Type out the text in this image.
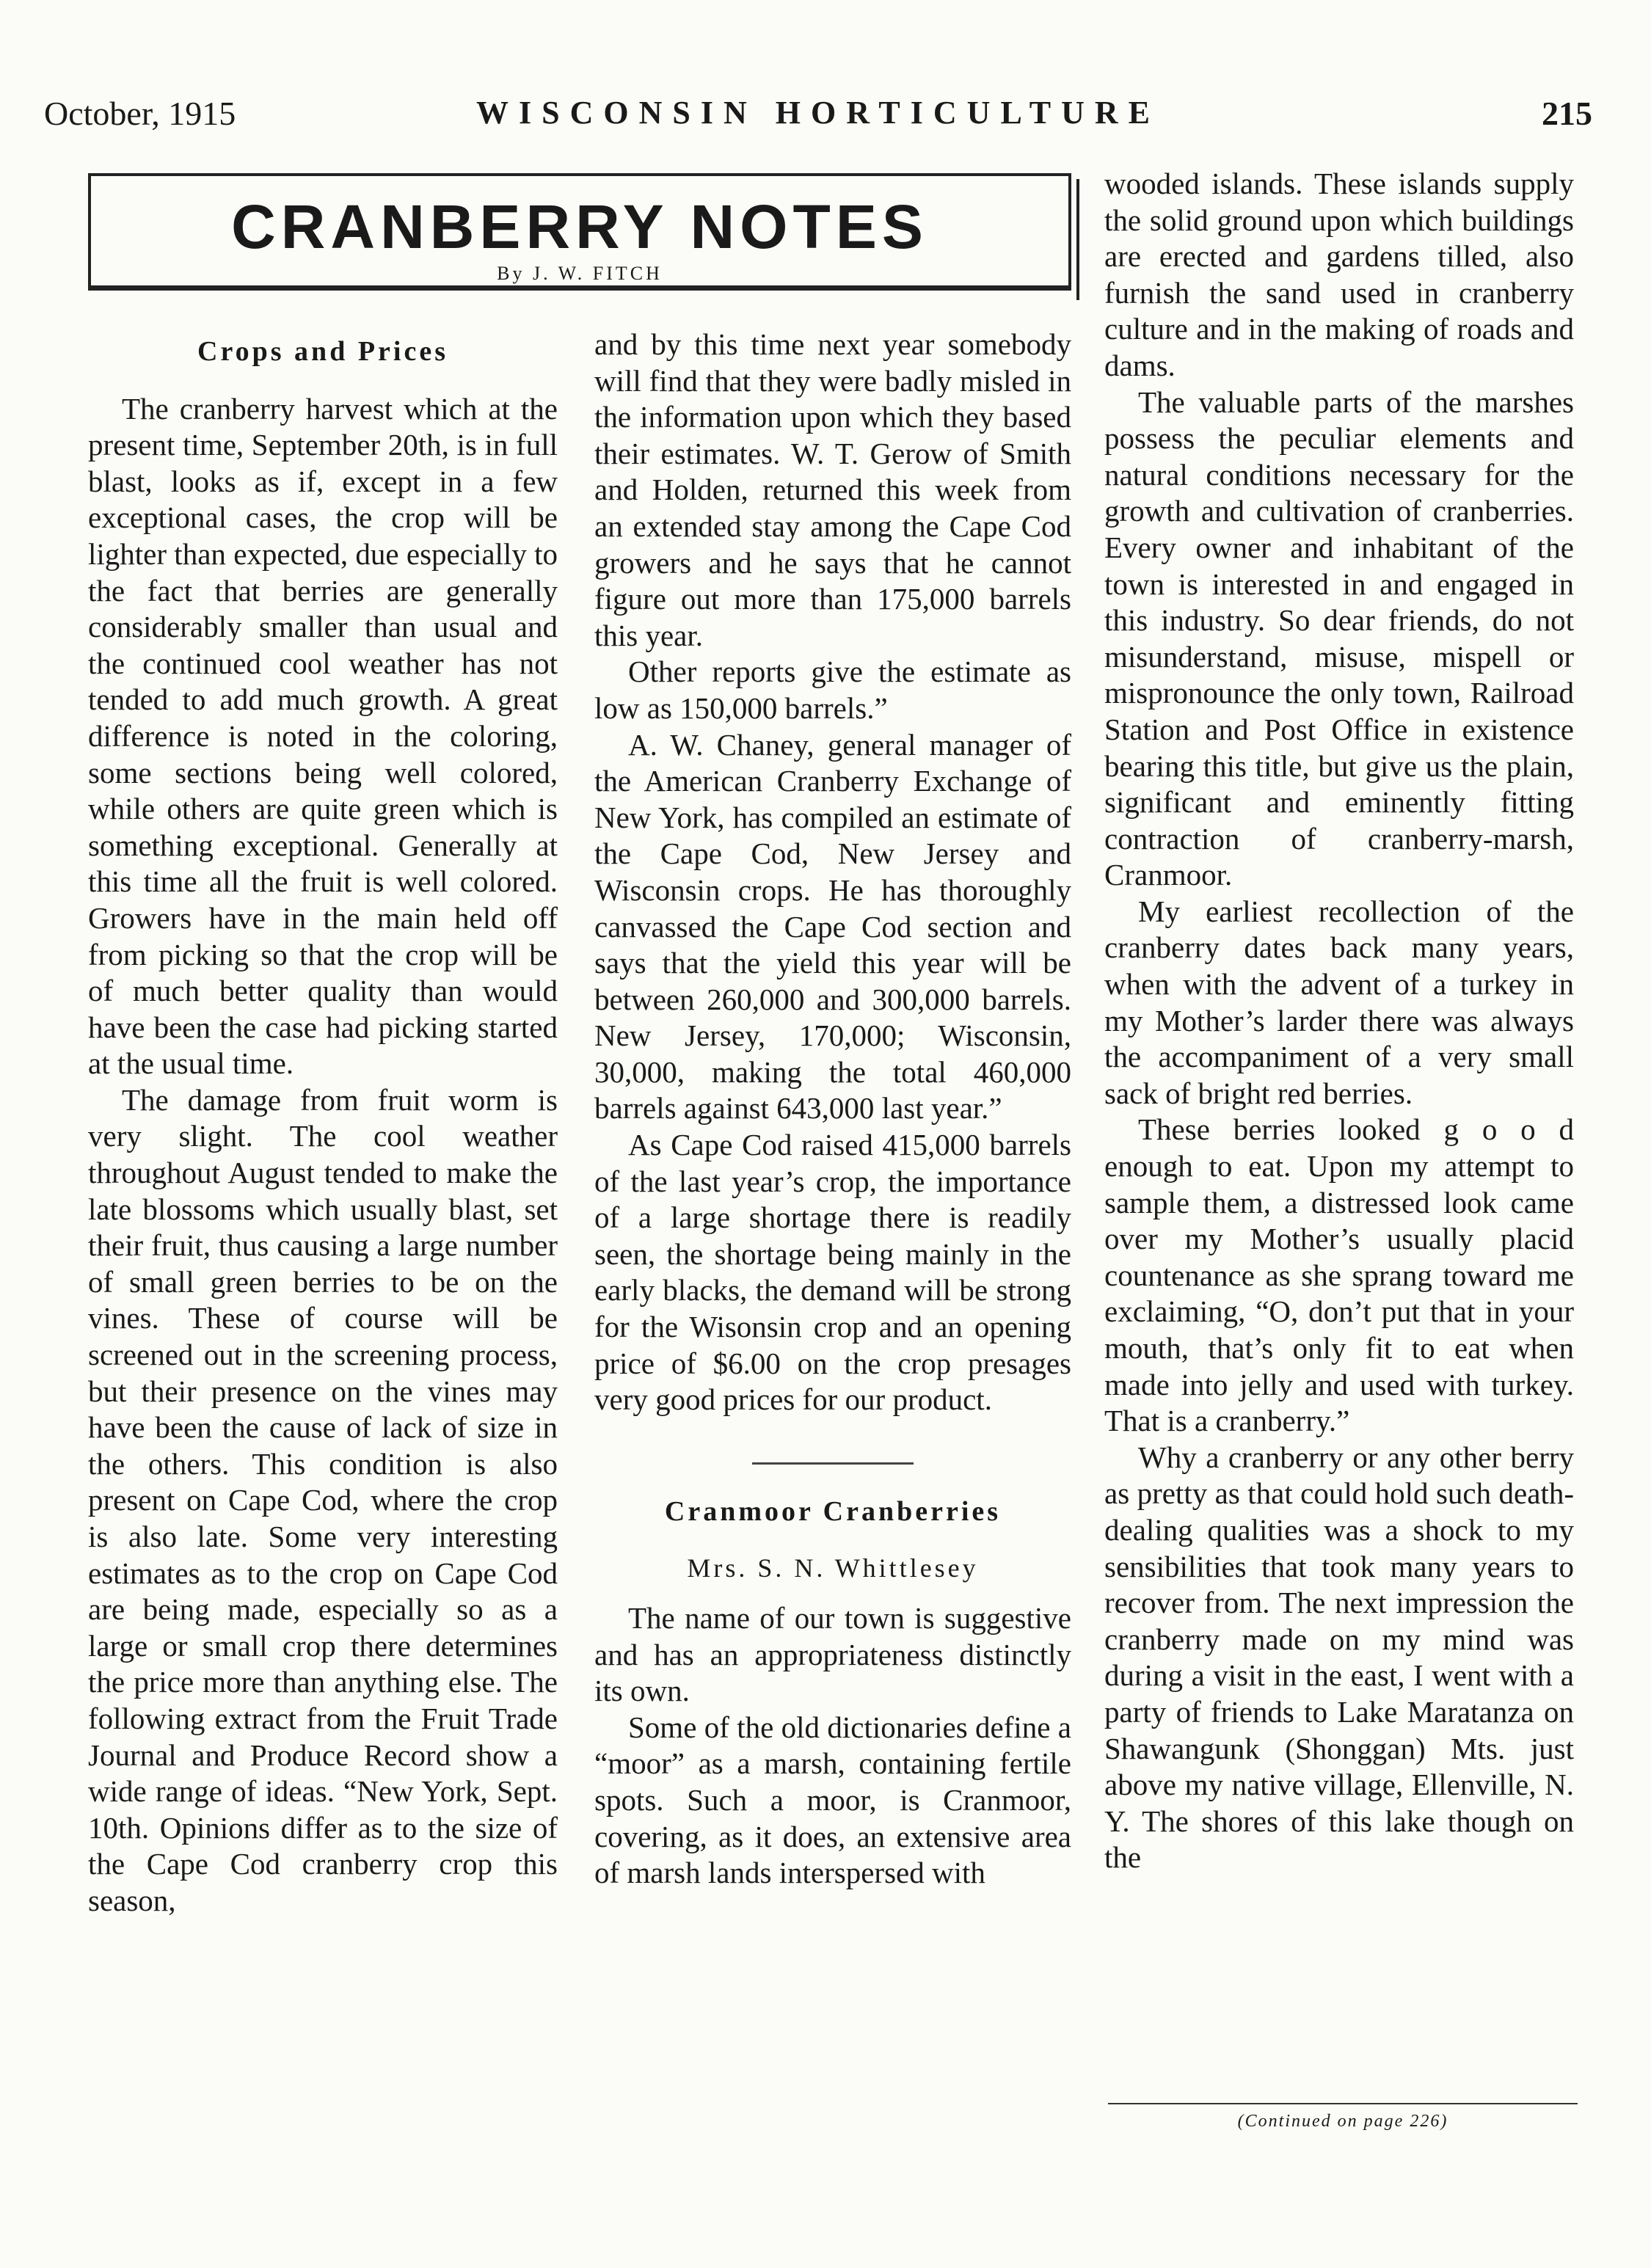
October, 1915	WISCONSIN HORTICULTURE	215
CRANBERRY NOTES
By J. W. FITCH
Crops and Prices

The cranberry harvest which at the present time, September 20th, is in full blast, looks as if, except in a few exceptional cases, the crop will be lighter than expected, due especially to the fact that berries are generally considerably smaller than usual and the continued cool weather has not tended to add much growth. A great difference is noted in the coloring, some sections being well colored, while others are quite green which is something exceptional. Generally at this time all the fruit is well colored. Growers have in the main held off from picking so that the crop will be of much better quality than would have been the case had picking started at the usual time.

The damage from fruit worm is very slight. The cool weather throughout August tended to make the late blossoms which usually blast, set their fruit, thus causing a large number of small green berries to be on the vines. These of course will be screened out in the screening process, but their presence on the vines may have been the cause of lack of size in the others. This condition is also present on Cape Cod, where the crop is also late. Some very interesting estimates as to the crop on Cape Cod are being made, especially so as a large or small crop there determines the price more than anything else. The following extract from the Fruit Trade Journal and Produce Record show a wide range of ideas. “New York, Sept. 10th. Opinions differ as to the size of the Cape Cod cranberry crop this season,

and by this time next year somebody will find that they were badly misled in the information upon which they based their estimates. W. T. Gerow of Smith and Holden, returned this week from an extended stay among the Cape Cod growers and he says that he cannot figure out more than 175,000 barrels this year.

Other reports give the estimate as low as 150,000 barrels.”

A. W. Chaney, general manager of the American Cranberry Exchange of New York, has compiled an estimate of the Cape Cod, New Jersey and Wisconsin crops. He has thoroughly canvassed the Cape Cod section and says that the yield this year will be between 260,000 and 300,000 barrels. New Jersey, 170,000; Wisconsin, 30,000, making the total 460,000 barrels against 643,000 last year.”

As Cape Cod raised 415,000 barrels of the last year’s crop, the importance of a large shortage there is readily seen, the shortage being mainly in the early blacks, the demand will be strong for the Wisonsin crop and an opening price of $6.00 on the crop presages very good prices for our product.

Cranmoor Cranberries
Mrs. S. N. Whittlesey

The name of our town is suggestive and has an appropriateness distinctly its own.

Some of the old dictionaries define a “moor” as a marsh, containing fertile spots. Such a moor, is Cranmoor, covering, as it does, an extensive area of marsh lands interspersed with

wooded islands. These islands supply the solid ground upon which buildings are erected and gardens tilled, also furnish the sand used in cranberry culture and in the making of roads and dams.

The valuable parts of the marshes possess the peculiar elements and natural conditions necessary for the growth and cultivation of cranberries. Every owner and inhabitant of the town is interested in and engaged in this industry. So dear friends, do not misunderstand, misuse, mispell or mispronounce the only town, Railroad Station and Post Office in existence bearing this title, but give us the plain, significant and eminently fitting contraction of cranberry-marsh, Cranmoor.

My earliest recollection of the cranberry dates back many years, when with the advent of a turkey in my Mother’s larder there was always the accompaniment of a very small sack of bright red berries.

These berries looked g o o d enough to eat. Upon my attempt to sample them, a distressed look came over my Mother’s usually placid countenance as she sprang toward me exclaiming, “O, don’t put that in your mouth, that’s only fit to eat when made into jelly and used with turkey. That is a cranberry.”

Why a cranberry or any other berry as pretty as that could hold such death-dealing qualities was a shock to my sensibilities that took many years to recover from. The next impression the cranberry made on my mind was during a visit in the east, I went with a party of friends to Lake Maratanza on Shawangunk (Shonggan) Mts. just above my native village, Ellenville, N. Y. The shores of this lake though on the

(Continued on page 226)
